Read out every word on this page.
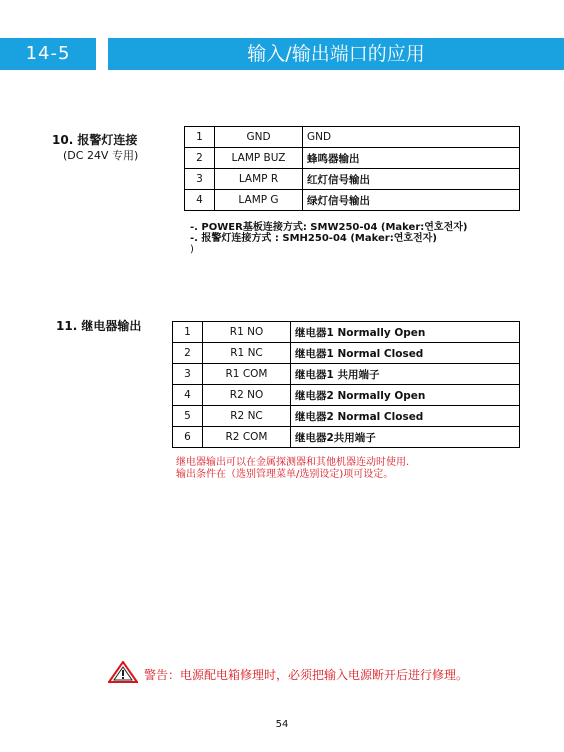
14-5	输入/输出端口的应用
10. 报警灯连接
(DC 24V 专用)
1	GND	GND
2	LAMP BUZ	蜂鸣器输出
3	LAMP R	红灯信号输出
4	LAMP G	绿灯信号输出
-. POWER基板连接方式: SMW250-04 (Maker:연호전자)
-. 报警灯连接方式 : SMH250-04 (Maker:연호전자)
)
11. 继电器输出	1	R1 NO	继电器1 Normally Open
2	R1 NC	继电器1 Normal Closed
3	R1 COM	继电器1 共用端子
4	R2 NO	继电器2 Normally Open
5	R2 NC	继电器2 Normal Closed
6	R2 COM	继电器2共用端子
继电器输出可以在金属探测器和其他机器连动时使用.
输出条件在（选别管理菜单/选别设定)项可设定。
警告：电源配电箱修理时，必须把输入电源断开后进行修理。
54
